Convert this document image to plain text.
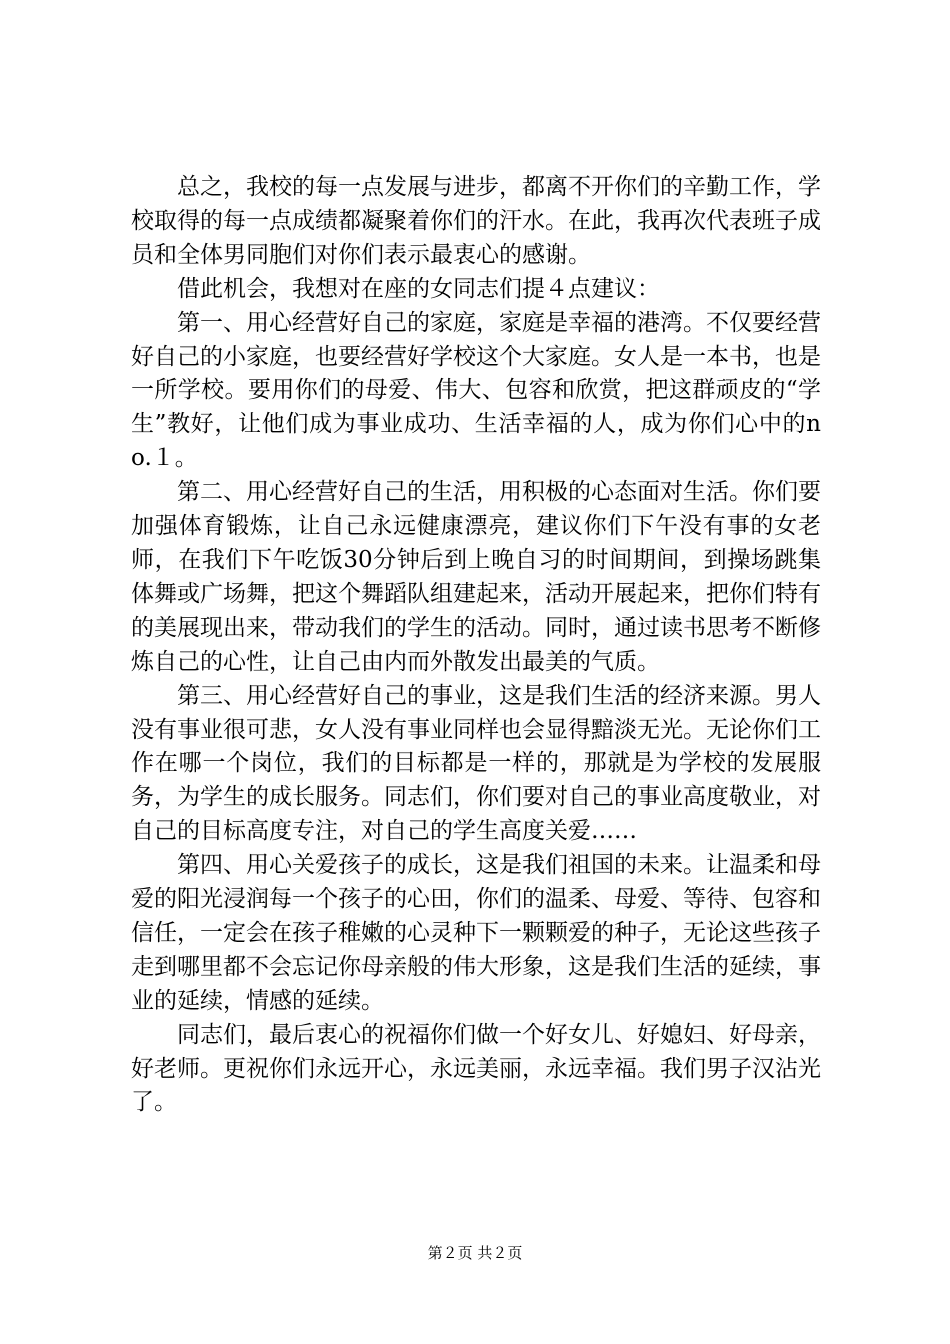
总之，我校的每一点发展与进步，都离不开你们的辛勤工作，学校取得的每一点成绩都凝聚着你们的汗水。在此，我再次代表班子成员和全体男同胞们对你们表示最衷心的感谢。

借此机会，我想对在座的女同志们提４点建议：

第一、用心经营好自己的家庭，家庭是幸福的港湾。不仅要经营好自己的小家庭，也要经营好学校这个大家庭。女人是一本书，也是一所学校。要用你们的母爱、伟大、包容和欣赏，把这群顽皮的“学生”教好，让他们成为事业成功、生活幸福的人，成为你们心中的no.１。

第二、用心经营好自己的生活，用积极的心态面对生活。你们要加强体育锻炼，让自己永远健康漂亮，建议你们下午没有事的女老师，在我们下午吃饭30分钟后到上晚自习的时间期间，到操场跳集体舞或广场舞，把这个舞蹈队组建起来，活动开展起来，把你们特有的美展现出来，带动我们的学生的活动。同时，通过读书思考不断修炼自己的心性，让自己由内而外散发出最美的气质。

第三、用心经营好自己的事业，这是我们生活的经济来源。男人没有事业很可悲，女人没有事业同样也会显得黯淡无光。无论你们工作在哪一个岗位，我们的目标都是一样的，那就是为学校的发展服务，为学生的成长服务。同志们，你们要对自己的事业高度敬业，对自己的目标高度专注，对自己的学生高度关爱……

第四、用心关爱孩子的成长，这是我们祖国的未来。让温柔和母爱的阳光浸润每一个孩子的心田，你们的温柔、母爱、等待、包容和信任，一定会在孩子稚嫩的心灵种下一颗颗爱的种子，无论这些孩子走到哪里都不会忘记你母亲般的伟大形象，这是我们生活的延续，事业的延续，情感的延续。

同志们，最后衷心的祝福你们做一个好女儿、好媳妇、好母亲，好老师。更祝你们永远开心，永远美丽，永远幸福。我们男子汉沾光了。

第２页 共２页
